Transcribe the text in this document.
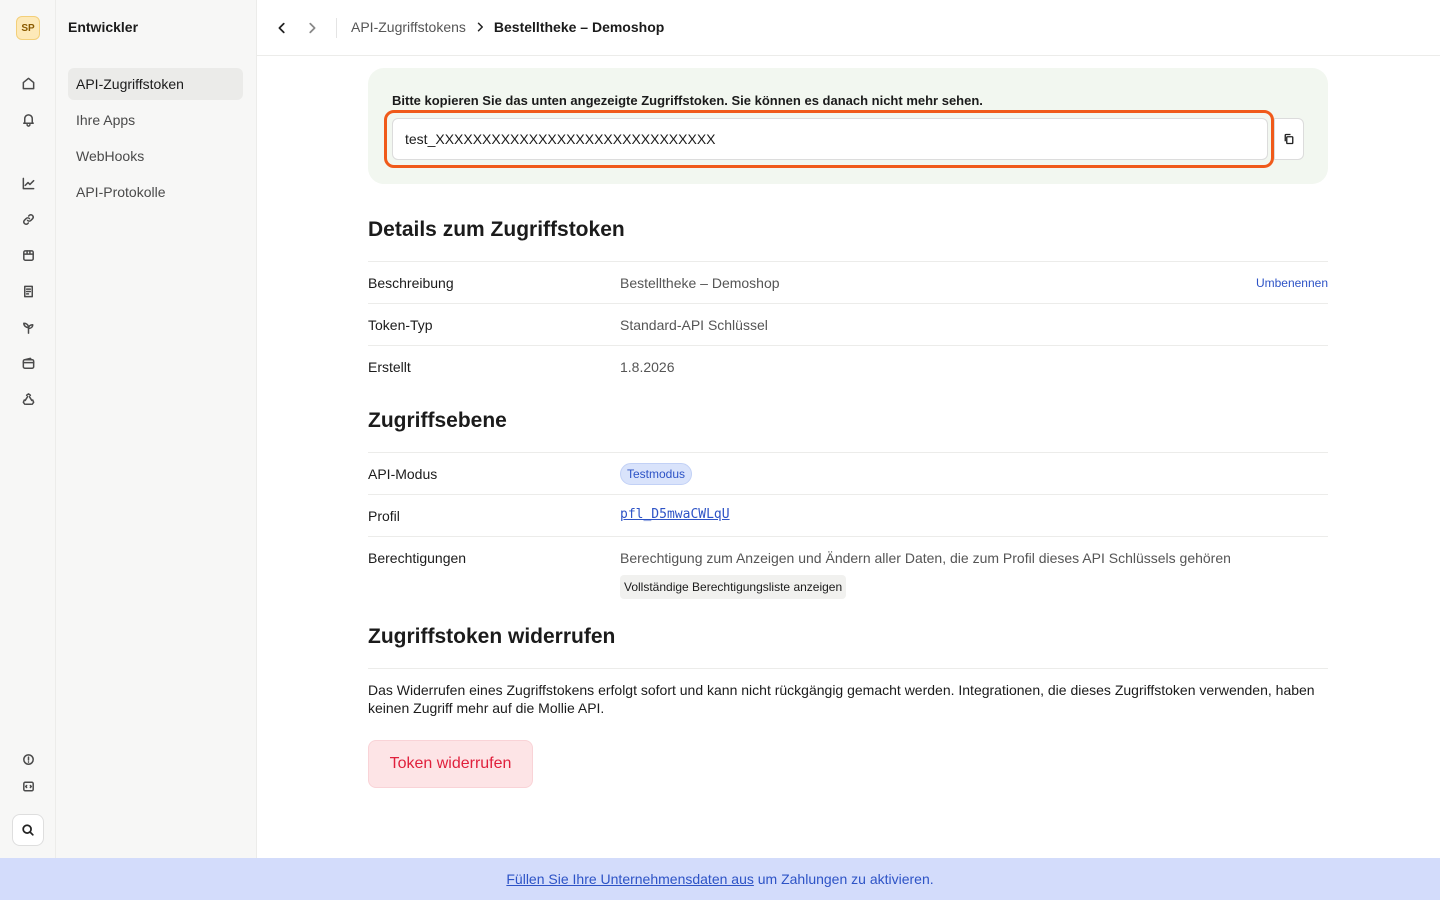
SP	Entwickler
API-Zugriffstoken
Ihre Apps
WebHooks
API-Protokolle
API-Zugriffstokens Bestelltheke – Demoshop
Bitte kopieren Sie das unten angezeigte Zugriffstoken. Sie können es danach nicht mehr sehen.
test_XXXXXXXXXXXXXXXXXXXXXXXXXXXXXX
Details zum Zugriffstoken
Beschreibung	Bestelltheke – Demoshop	Umbenennen
Token-Typ	Standard-API Schlüssel
Erstellt	1.8.2026
Zugriffsebene
API-Modus	Testmodus
Profil	pfl_D5mwaCWLqU
Berechtigungen	Berechtigung zum Anzeigen und Ändern aller Daten, die zum Profil dieses API Schlüssels gehören
Vollständige Berechtigungsliste anzeigen
Zugriffstoken widerrufen

Das Widerrufen eines Zugriffstokens erfolgt sofort und kann nicht rückgängig gemacht werden. Integrationen, die dieses Zugriffstoken verwenden, haben keinen Zugriff mehr auf die Mollie API.

Token widerrufen
Füllen Sie Ihre Unternehmensdaten aus um Zahlungen zu aktivieren.
